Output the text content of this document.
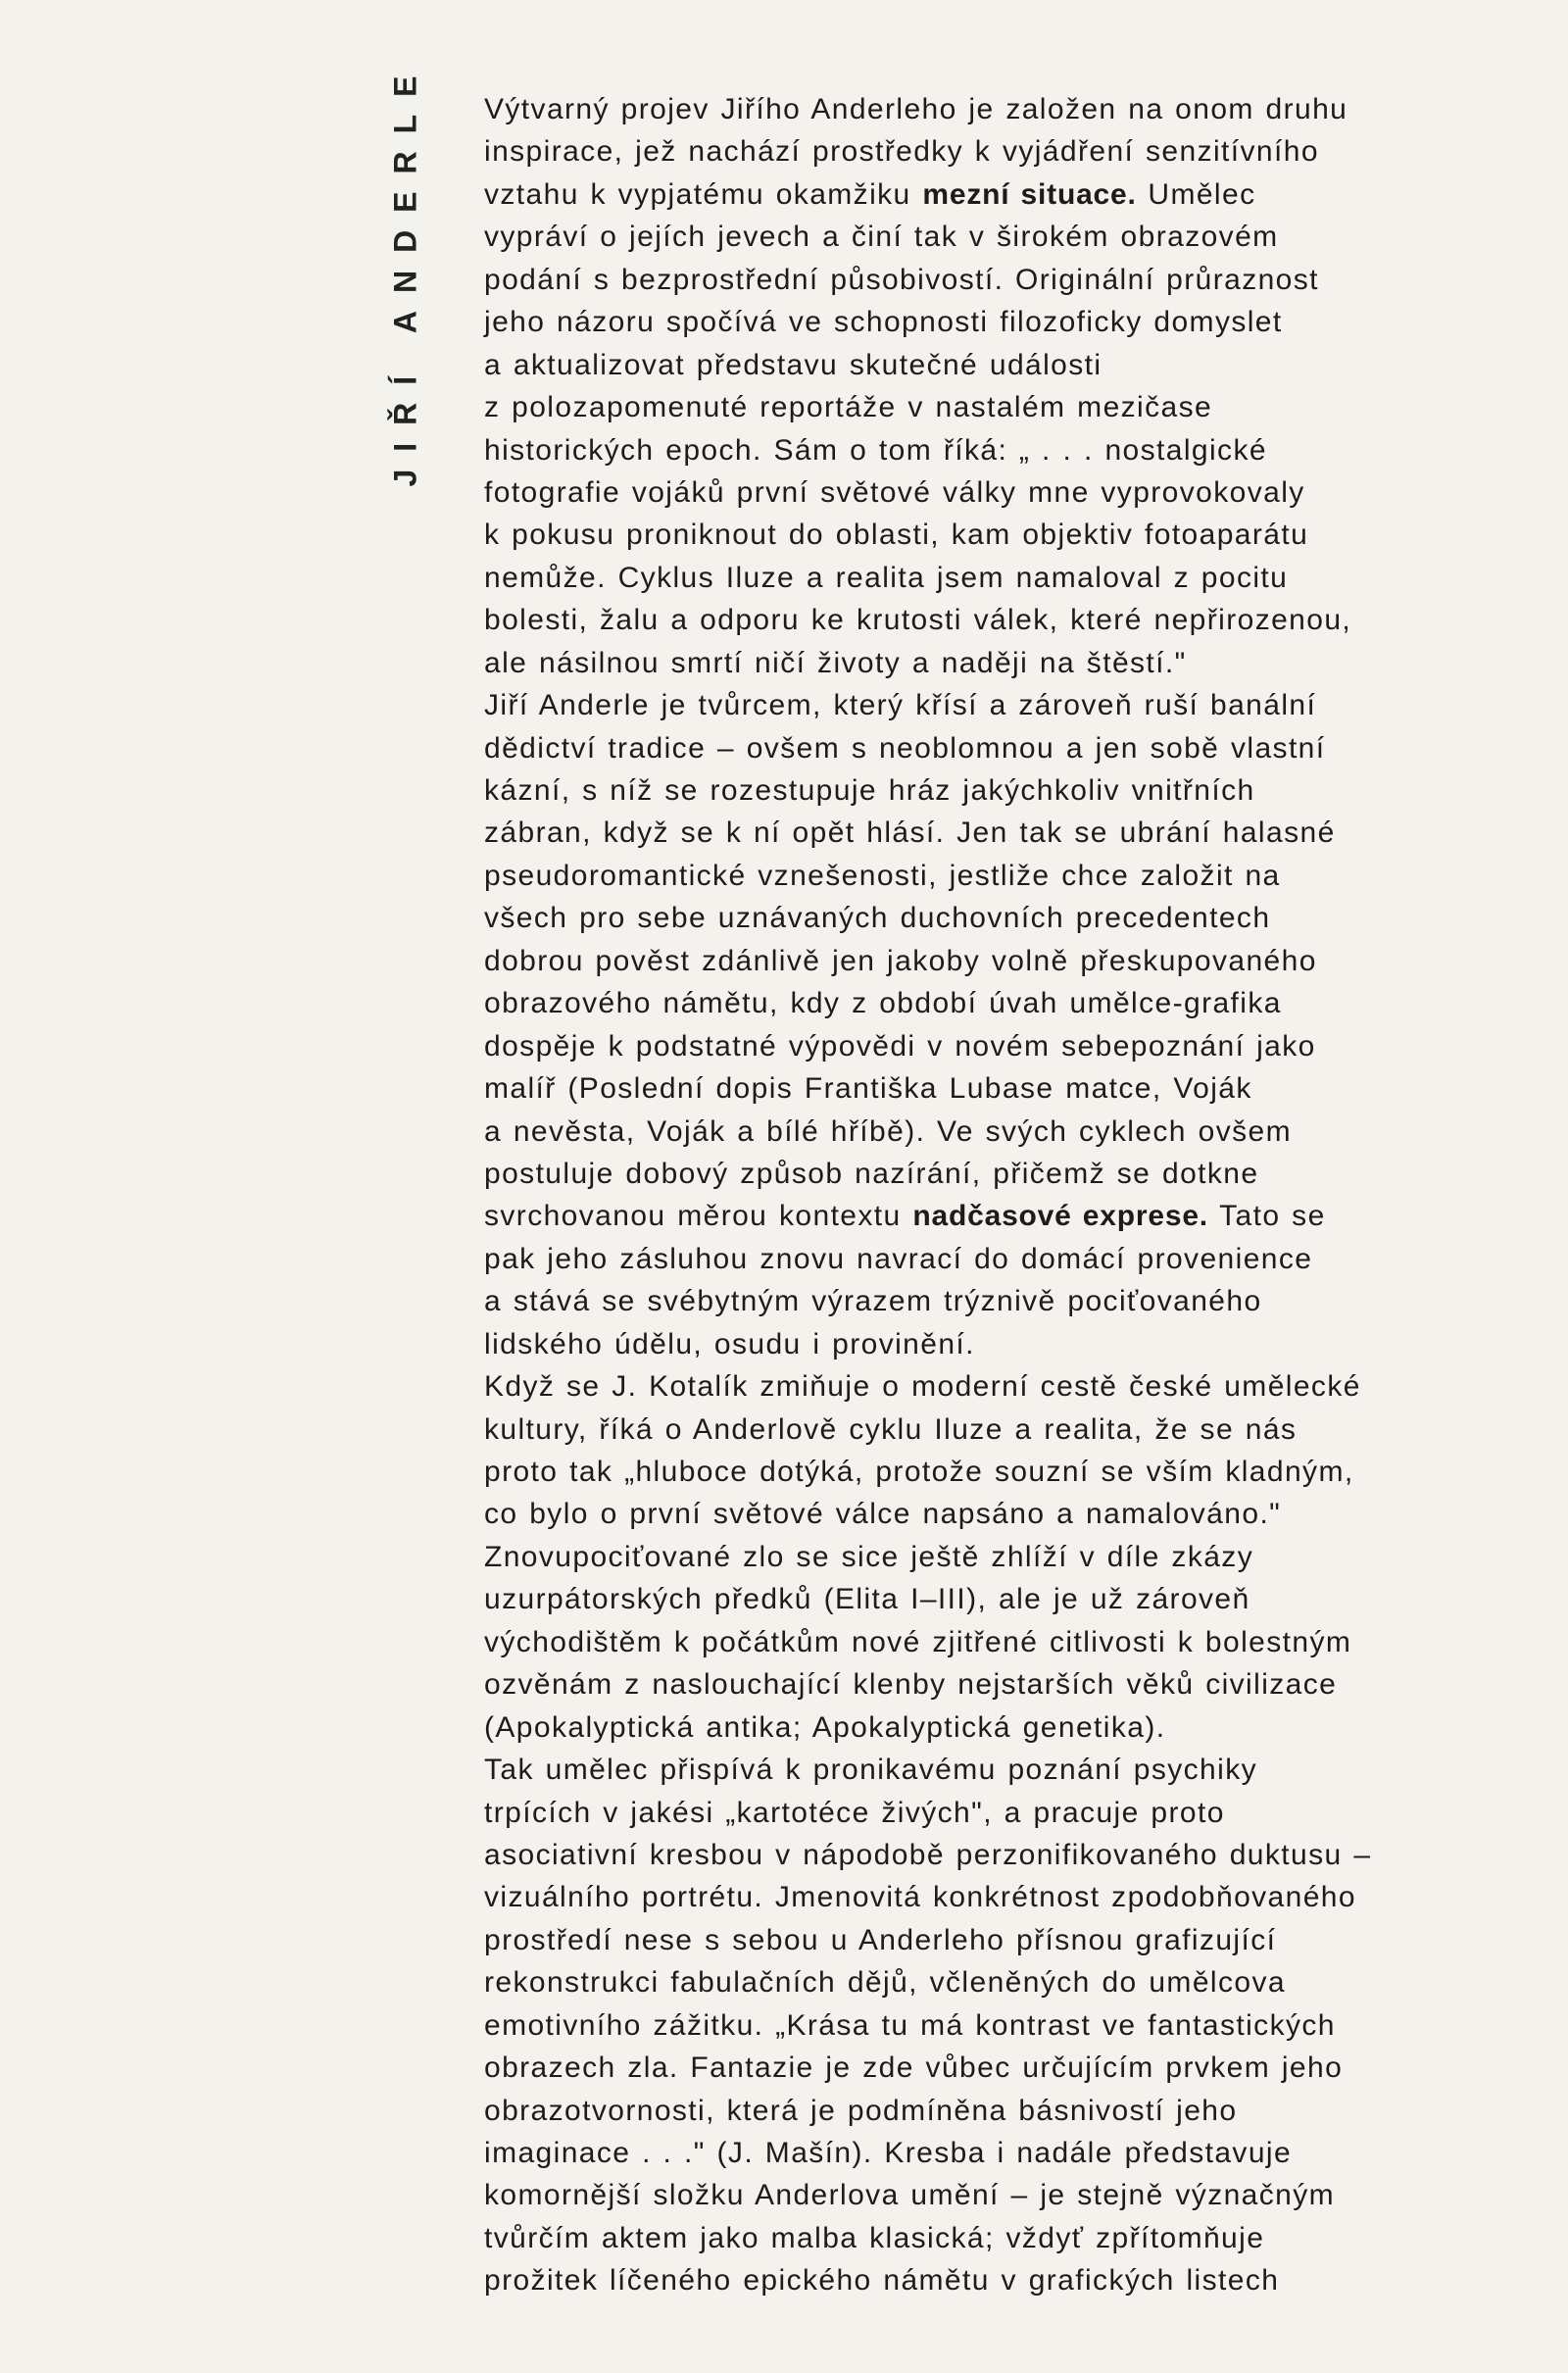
JIŘÍ ANDERLE Výtvarný projev Jiřího Anderleho je založen na onom druhu
inspirace, jež nachází prostředky k vyjádření senzitívního
vztahu k vypjatému okamžiku mezní situace. Umělec
vypráví o jejích jevech a činí tak v širokém obrazovém
podání s bezprostřední působivostí. Originální průraznost
jeho názoru spočívá ve schopnosti filozoficky domyslet
a aktualizovat představu skutečné události
z polozapomenuté reportáže v nastalém mezičase
historických epoch. Sám o tom říká: „ . . . nostalgické
fotografie vojáků první světové války mne vyprovokovaly
k pokusu proniknout do oblasti, kam objektiv fotoaparátu
nemůže. Cyklus Iluze a realita jsem namaloval z pocitu
bolesti, žalu a odporu ke krutosti válek, které nepřirozenou,
ale násilnou smrtí ničí životy a naději na štěstí."
Jiří Anderle je tvůrcem, který křísí a zároveň ruší banální
dědictví tradice – ovšem s neoblomnou a jen sobě vlastní
kázní, s níž se rozestupuje hráz jakýchkoliv vnitřních
zábran, když se k ní opět hlásí. Jen tak se ubrání halasné
pseudoromantické vznešenosti, jestliže chce založit na
všech pro sebe uznávaných duchovních precedentech
dobrou pověst zdánlivě jen jakoby volně přeskupovaného
obrazového námětu, kdy z období úvah umělce-grafika
dospěje k podstatné výpovědi v novém sebepoznání jako
malíř (Poslední dopis Františka Lubase matce, Voják
a nevěsta, Voják a bílé hříbě). Ve svých cyklech ovšem
postuluje dobový způsob nazírání, přičemž se dotkne
svrchovanou měrou kontextu nadčasové exprese. Tato se
pak jeho zásluhou znovu navrací do domácí provenience
a stává se svébytným výrazem trýznivě pociťovaného
lidského údělu, osudu i provinění.
Když se J. Kotalík zmiňuje o moderní cestě české umělecké
kultury, říká o Anderlově cyklu Iluze a realita, že se nás
proto tak „hluboce dotýká, protože souzní se vším kladným,
co bylo o první světové válce napsáno a namalováno."
Znovupociťované zlo se sice ještě zhlíží v díle zkázy
uzurpátorských předků (Elita I–III), ale je už zároveň
východištěm k počátkům nové zjitřené citlivosti k bolestným
ozvěnám z naslouchající klenby nejstarších věků civilizace
(Apokalyptická antika; Apokalyptická genetika).
Tak umělec přispívá k pronikavému poznání psychiky
trpících v jakési „kartotéce živých", a pracuje proto
asociativní kresbou v nápodobě perzonifikovaného duktusu –
vizuálního portrétu. Jmenovitá konkrétnost zpodobňovaného
prostředí nese s sebou u Anderleho přísnou grafizující
rekonstrukci fabulačních dějů, včleněných do umělcova
emotivního zážitku. „Krása tu má kontrast ve fantastických
obrazech zla. Fantazie je zde vůbec určujícím prvkem jeho
obrazotvornosti, která je podmíněna básnivostí jeho
imaginace . . ." (J. Mašín). Kresba i nadále představuje
komornější složku Anderlova umění – je stejně význačným
tvůrčím aktem jako malba klasická; vždyť zpřítomňuje
prožitek líčeného epického námětu v grafických listech
